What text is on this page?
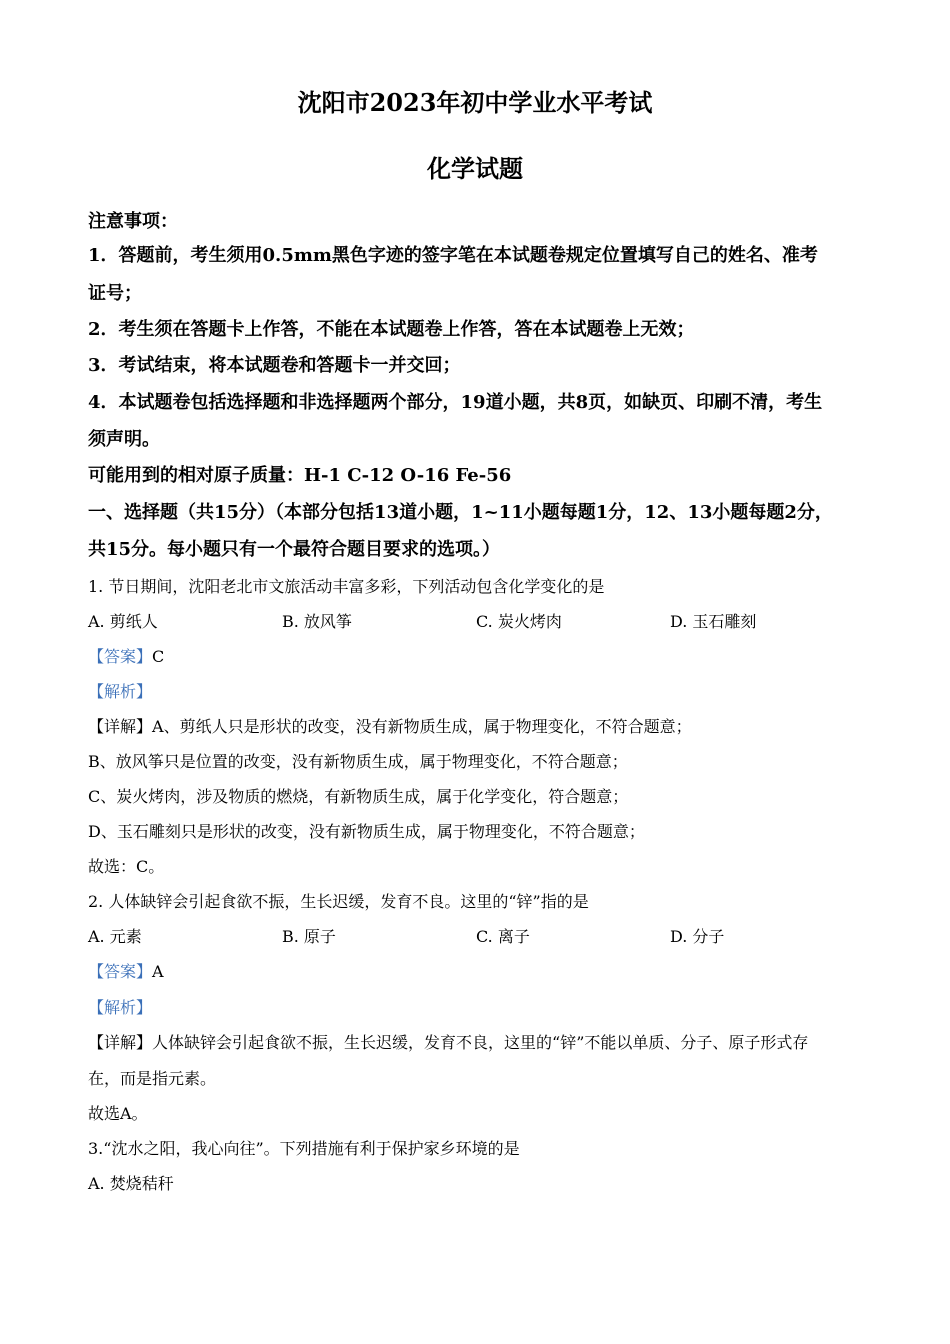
沈阳市2023年初中学业水平考试
化学试题
注意事项：
1．答题前，考生须用0.5mm黑色字迹的签字笔在本试题卷规定位置填写自己的姓名、准考
证号；
2．考生须在答题卡上作答，不能在本试题卷上作答，答在本试题卷上无效；
3．考试结束，将本试题卷和答题卡一并交回；
4．本试题卷包括选择题和非选择题两个部分，19道小题，共8页，如缺页、印刷不清，考生
须声明。
可能用到的相对原子质量：H-1 C-12 O-16 Fe-56
一、选择题（共15分）（本部分包括13道小题，1~11小题每题1分，12、13小题每题2分，
共15分。每小题只有一个最符合题目要求的选项。）
1. 节日期间，沈阳老北市文旅活动丰富多彩，下列活动包含化学变化的是
A. 剪纸人	B. 放风筝	C. 炭火烤肉	D. 玉石雕刻
【答案】C
【解析】
【详解】A、剪纸人只是形状的改变，没有新物质生成，属于物理变化，不符合题意；
B、放风筝只是位置的改变，没有新物质生成，属于物理变化，不符合题意；
C、炭火烤肉，涉及物质的燃烧，有新物质生成，属于化学变化，符合题意；
D、玉石雕刻只是形状的改变，没有新物质生成，属于物理变化，不符合题意；
故选：C。
2. 人体缺锌会引起食欲不振，生长迟缓，发育不良。这里的“锌”指的是
A. 元素	B. 原子	C. 离子	D. 分子
【答案】A
【解析】
【详解】人体缺锌会引起食欲不振，生长迟缓，发育不良，这里的“锌”不能以单质、分子、原子形式存
在，而是指元素。
故选A。
3.“沈水之阳，我心向往”。下列措施有利于保护家乡环境的是
A. 焚烧秸秆
